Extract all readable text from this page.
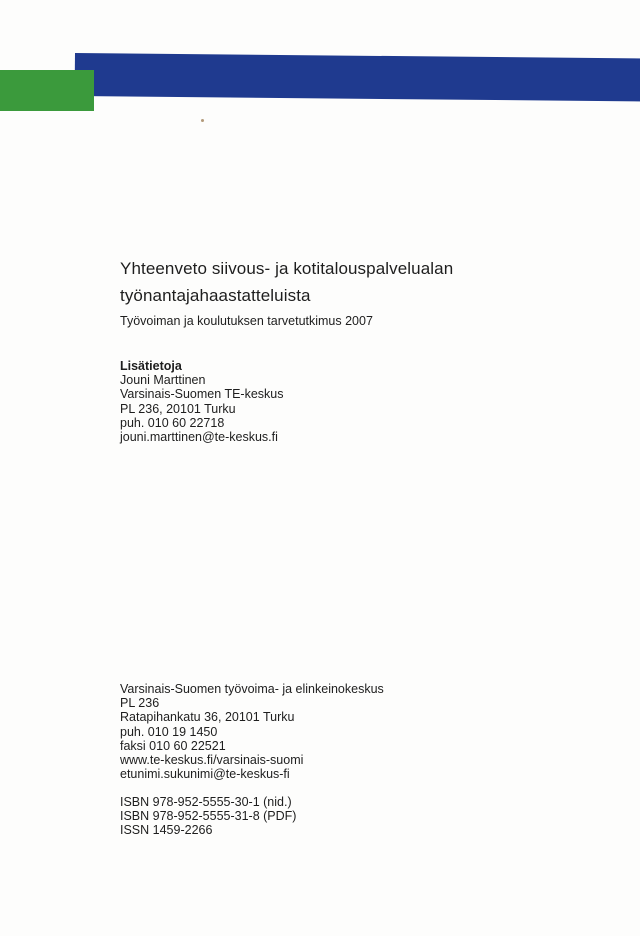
Yhteenveto siivous- ja kotitalouspalvelualan
työnantajahaastatteluista

Työvoiman ja koulutuksen tarvetutkimus 2007

Lisätietoja
Jouni Marttinen
Varsinais-Suomen TE-keskus
PL 236, 20101 Turku
puh. 010 60 22718
jouni.marttinen@te-keskus.fi
Varsinais-Suomen työvoima- ja elinkeinokeskus
PL 236
Ratapihankatu 36, 20101 Turku
puh. 010 19 1450
faksi 010 60 22521
www.te-keskus.fi/varsinais-suomi
etunimi.sukunimi@te-keskus-fi
ISBN 978-952-5555-30-1 (nid.)
ISBN 978-952-5555-31-8 (PDF)
ISSN 1459-2266
